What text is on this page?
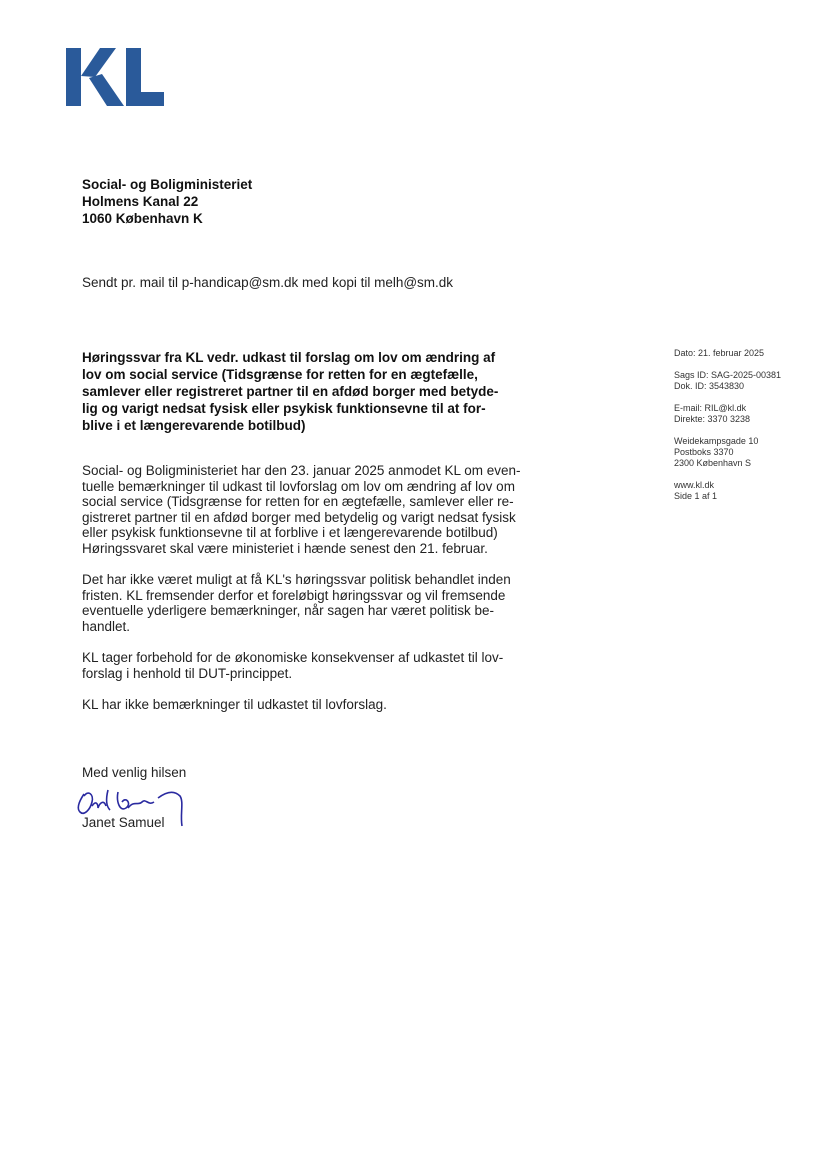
Social- og Boligministeriet
Holmens Kanal 22
1060 København K
Sendt pr. mail til p-handicap@sm.dk med kopi til melh@sm.dk
Høringssvar fra KL vedr. udkast til forslag om lov om ændring af
lov om social service (Tidsgrænse for retten for en ægtefælle,
samlever eller registreret partner til en afdød borger med betyde-
lig og varigt nedsat fysisk eller psykisk funktionsevne til at for-
blive i et længerevarende botilbud)
Social- og Boligministeriet har den 23. januar 2025 anmodet KL om even-
tuelle bemærkninger til udkast til lovforslag om lov om ændring af lov om
social service (Tidsgrænse for retten for en ægtefælle, samlever eller re-
gistreret partner til en afdød borger med betydelig og varigt nedsat fysisk
eller psykisk funktionsevne til at forblive i et længerevarende botilbud)
Høringssvaret skal være ministeriet i hænde senest den 21. februar.
Det har ikke været muligt at få KL's høringssvar politisk behandlet inden
fristen. KL fremsender derfor et foreløbigt høringssvar og vil fremsende
eventuelle yderligere bemærkninger, når sagen har været politisk be-
handlet.
KL tager forbehold for de økonomiske konsekvenser af udkastet til lov-
forslag i henhold til DUT-princippet.
KL har ikke bemærkninger til udkastet til lovforslag.
Med venlig hilsen
Janet Samuel
Dato: 21. februar 2025
Sags ID: SAG-2025-00381
Dok. ID: 3543830
E-mail: RIL@kl.dk
Direkte: 3370 3238
Weidekampsgade 10
Postboks 3370
2300 København S
www.kl.dk
Side 1 af 1
